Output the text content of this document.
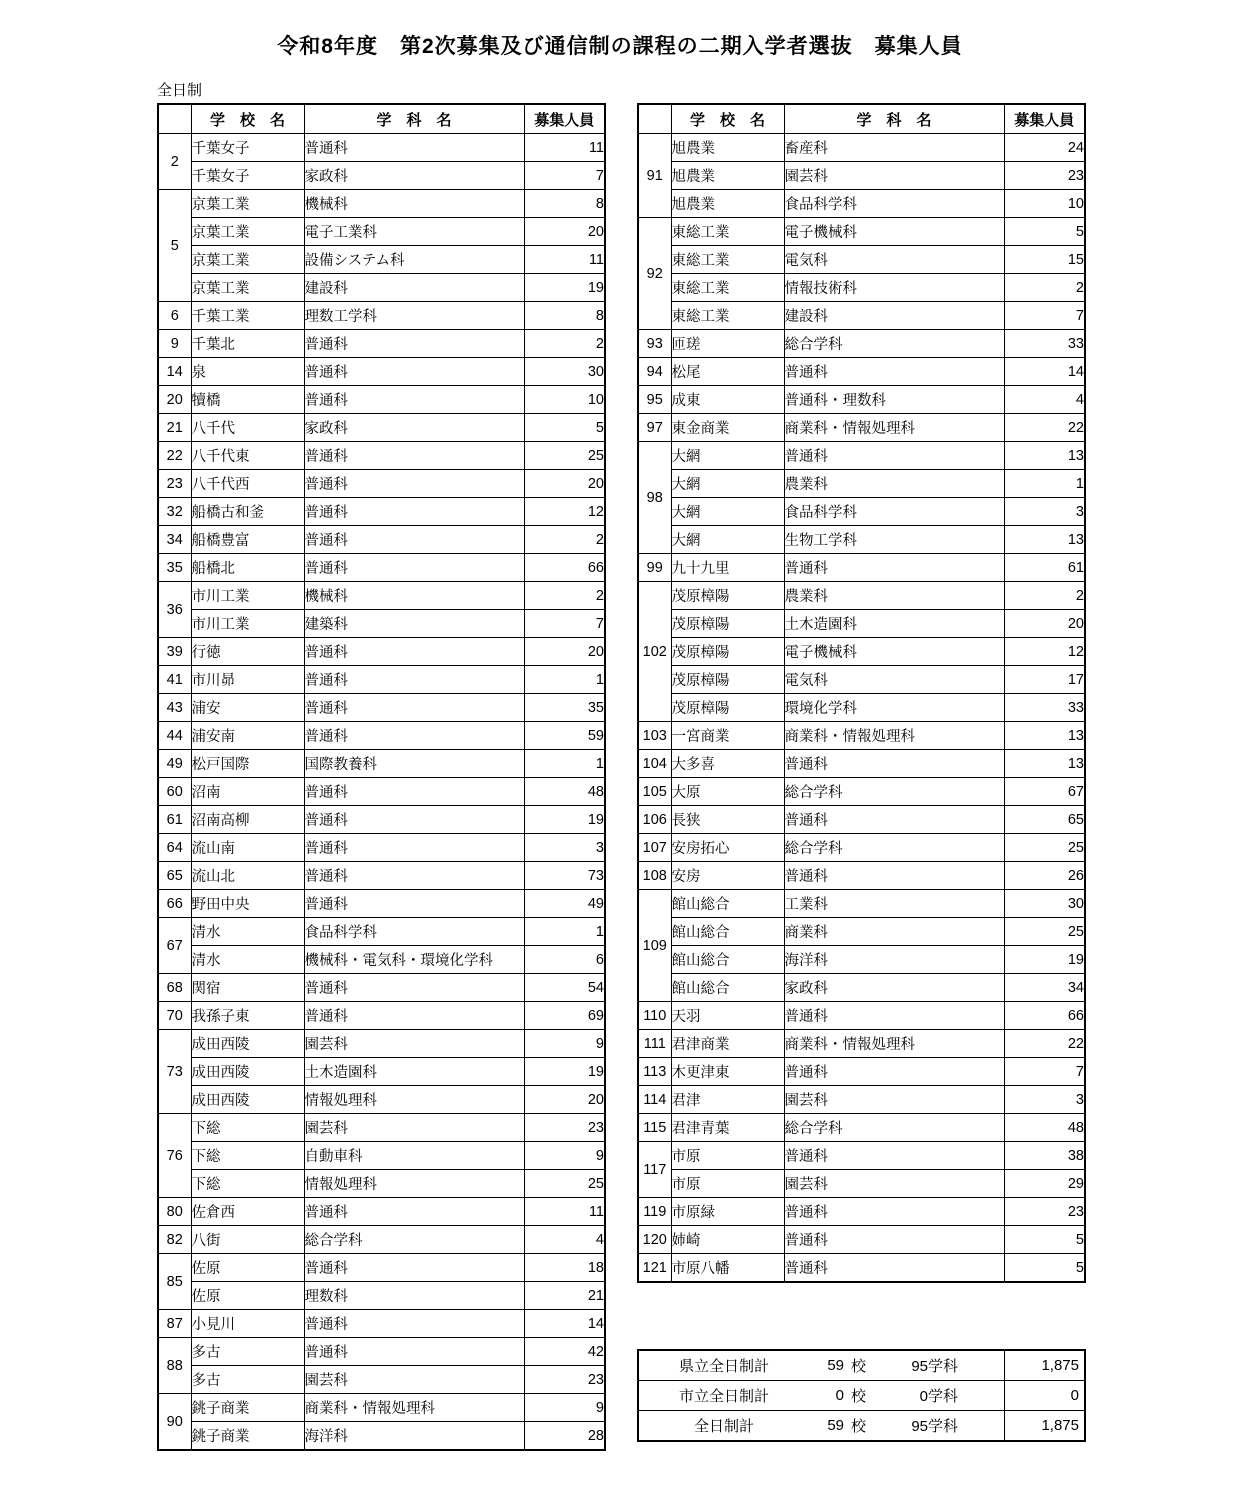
令和8年度　第2次募集及び通信制の課程の二期入学者選抜　募集人員
全日制
	学　校　名	学　科　名	募集人員
2	千葉女子	普通科	11
	千葉女子	家政科	7
5	京葉工業	機械科	8
	京葉工業	電子工業科	20
	京葉工業	設備システム科	11
	京葉工業	建設科	19
6	千葉工業	理数工学科	8
9	千葉北	普通科	2
14	泉	普通科	30
20	犢橋	普通科	10
21	八千代	家政科	5
22	八千代東	普通科	25
23	八千代西	普通科	20
32	船橋古和釜	普通科	12
34	船橋豊富	普通科	2
35	船橋北	普通科	66
36	市川工業	機械科	2
	市川工業	建築科	7
39	行徳	普通科	20
41	市川昴	普通科	1
43	浦安	普通科	35
44	浦安南	普通科	59
49	松戸国際	国際教養科	1
60	沼南	普通科	48
61	沼南高柳	普通科	19
64	流山南	普通科	3
65	流山北	普通科	73
66	野田中央	普通科	49
67	清水	食品科学科	1
	清水	機械科・電気科・環境化学科	6
68	関宿	普通科	54
70	我孫子東	普通科	69
73	成田西陵	園芸科	9
	成田西陵	土木造園科	19
	成田西陵	情報処理科	20
76	下総	園芸科	23
	下総	自動車科	9
	下総	情報処理科	25
80	佐倉西	普通科	11
82	八街	総合学科	4
85	佐原	普通科	18
	佐原	理数科	21
87	小見川	普通科	14
88	多古	普通科	42
	多古	園芸科	23
90	銚子商業	商業科・情報処理科	9
	銚子商業	海洋科	28
	学　校　名	学　科　名	募集人員
91	旭農業	畜産科	24
	旭農業	園芸科	23
	旭農業	食品科学科	10
92	東総工業	電子機械科	5
	東総工業	電気科	15
	東総工業	情報技術科	2
	東総工業	建設科	7
93	匝瑳	総合学科	33
94	松尾	普通科	14
95	成東	普通科・理数科	4
97	東金商業	商業科・情報処理科	22
98	大網	普通科	13
	大網	農業科	1
	大網	食品科学科	3
	大網	生物工学科	13
99	九十九里	普通科	61
102	茂原樟陽	農業科	2
	茂原樟陽	土木造園科	20
	茂原樟陽	電子機械科	12
	茂原樟陽	電気科	17
	茂原樟陽	環境化学科	33
103	一宮商業	商業科・情報処理科	13
104	大多喜	普通科	13
105	大原	総合学科	67
106	長狭	普通科	65
107	安房拓心	総合学科	25
108	安房	普通科	26
109	館山総合	工業科	30
	館山総合	商業科	25
	館山総合	海洋科	19
	館山総合	家政科	34
110	天羽	普通科	66
111	君津商業	商業科・情報処理科	22
113	木更津東	普通科	7
114	君津	園芸科	3
115	君津青葉	総合学科	48
117	市原	普通科	38
	市原	園芸科	29
119	市原緑	普通科	23
120	姉崎	普通科	5
121	市原八幡	普通科	5
県立全日制計 59 校 95学科	1,875

市立全日制計 0 校 0学科	0

全日制計 59 校 95学科	1,875
